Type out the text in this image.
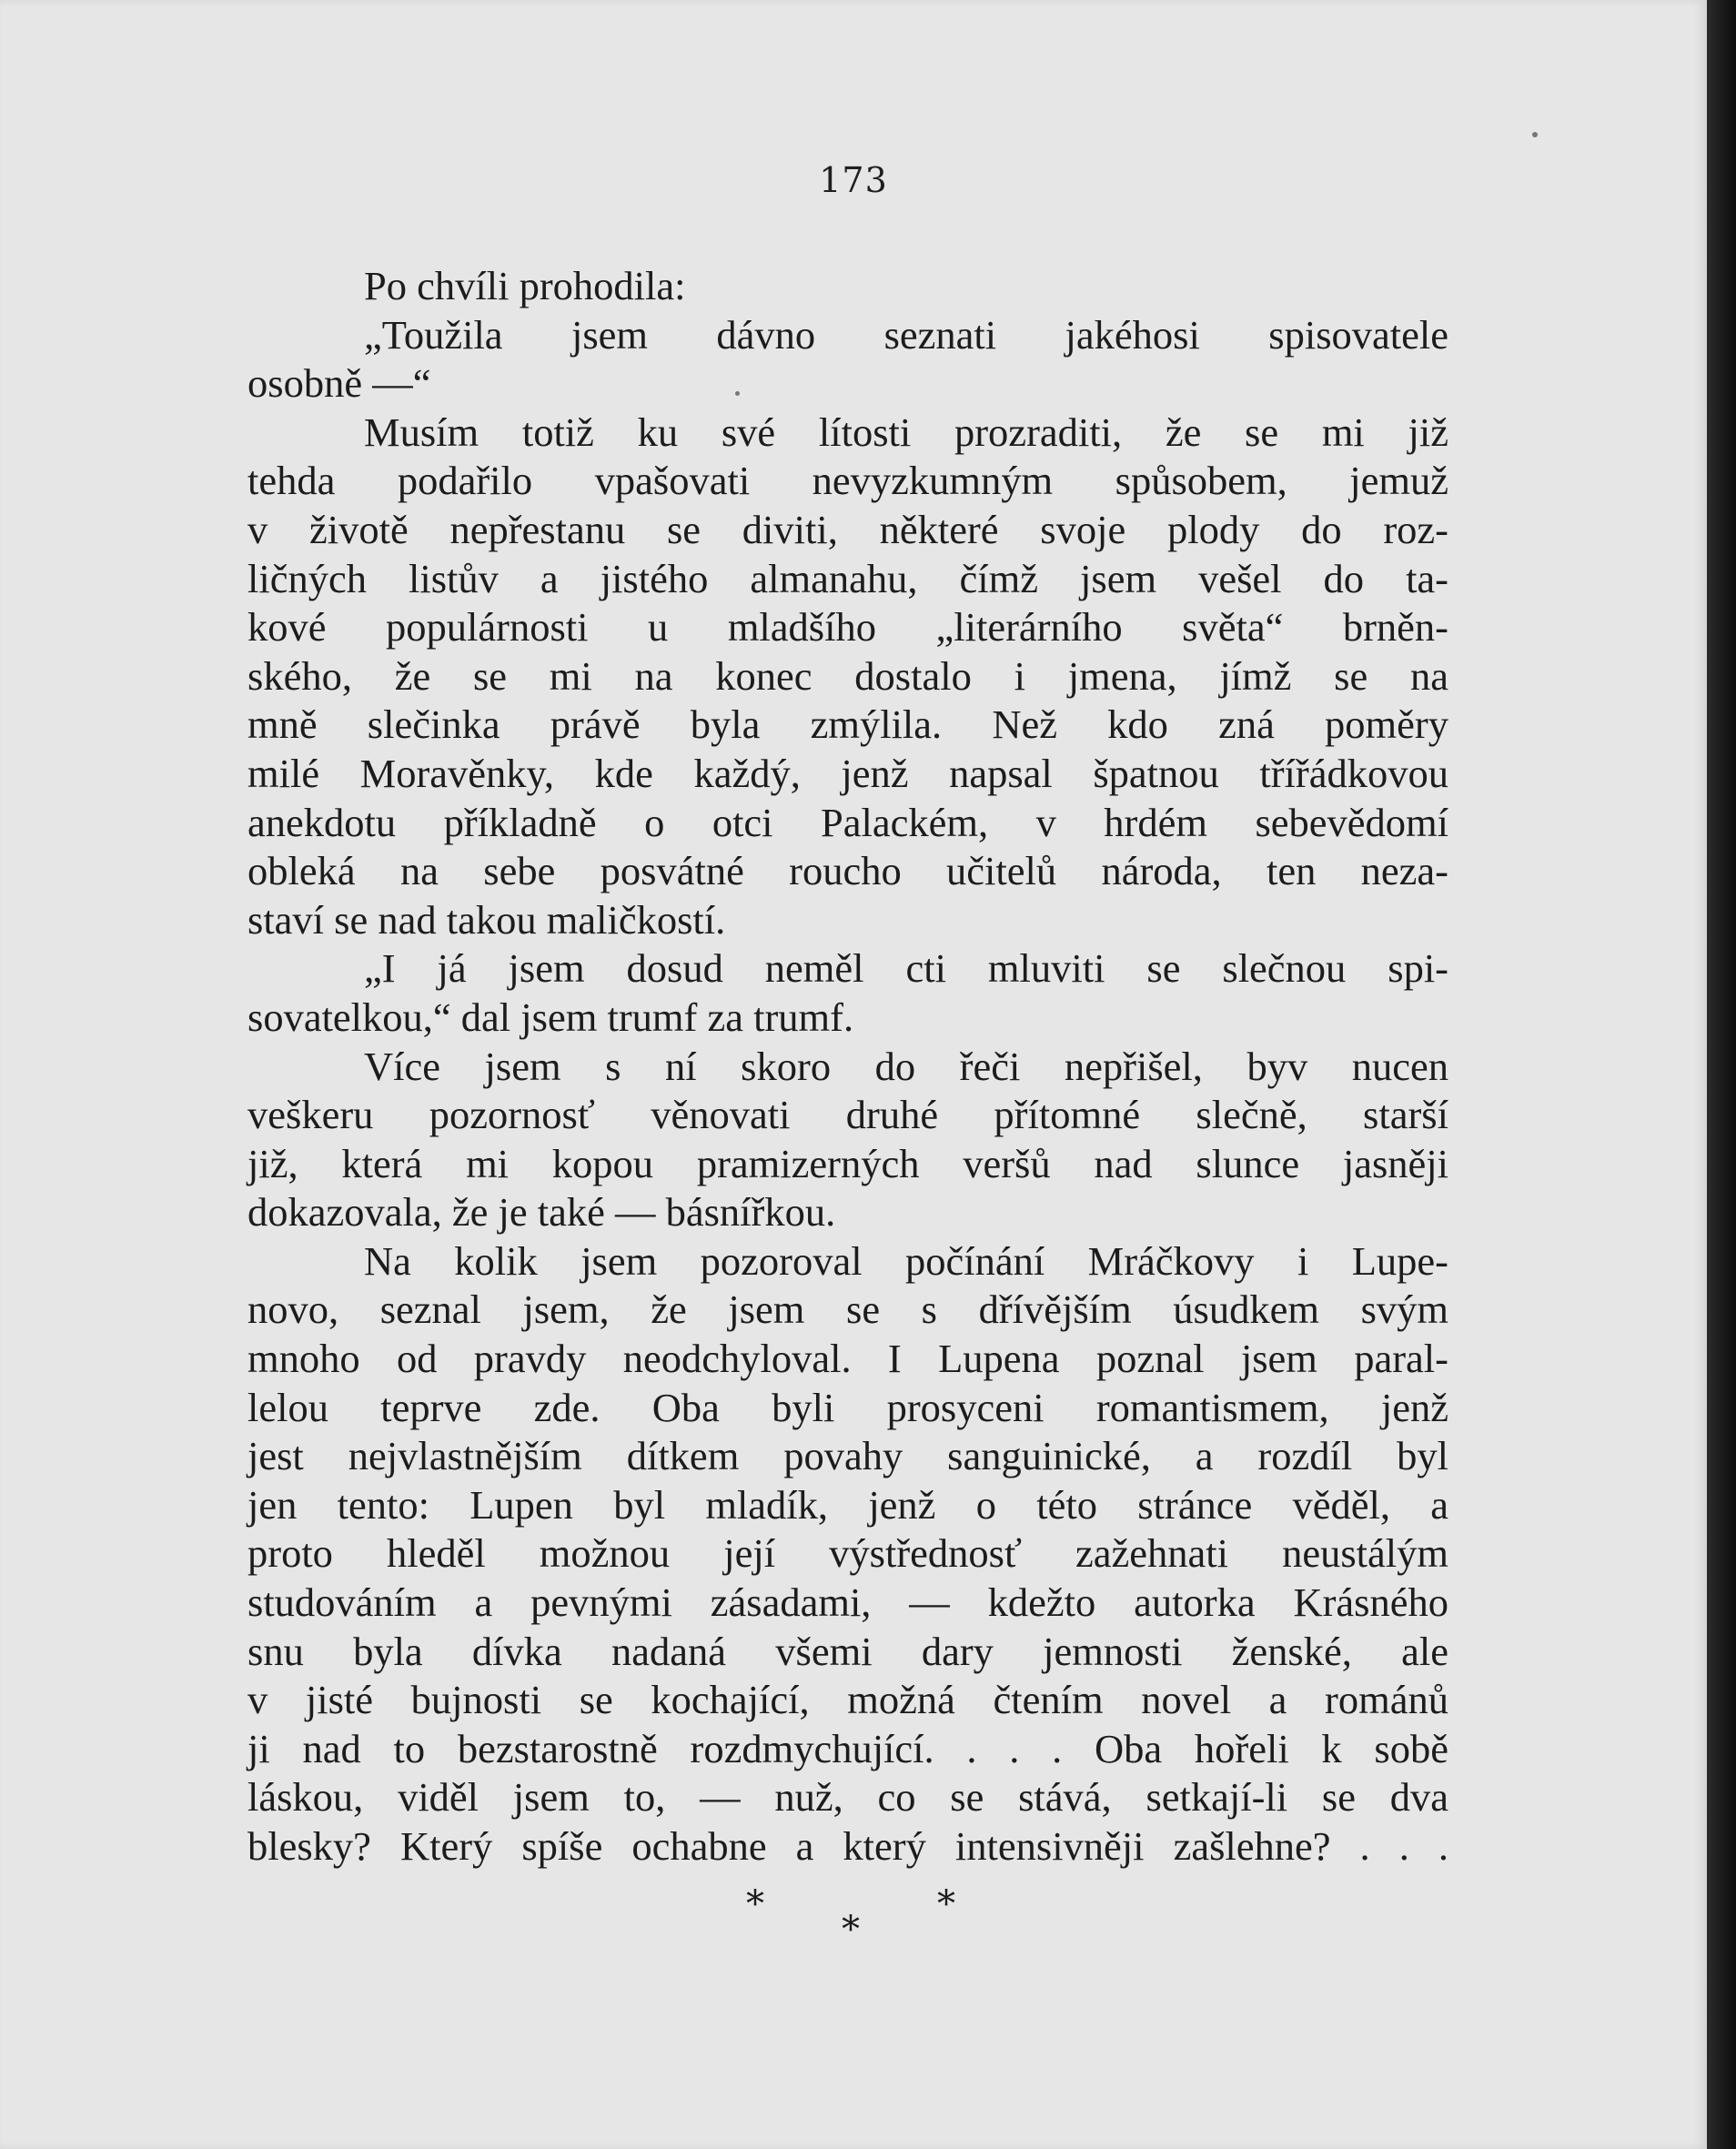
173
Po chvíli prohodila:
„Toužila jsem dávno seznati jakéhosi spisovatele
osobně —“
Musím totiž ku své lítosti prozraditi, že se mi již
tehda podařilo vpašovati nevyzkumným spůsobem, jemuž
v životě nepřestanu se diviti, některé svoje plody do roz-
ličných listův a jistého almanahu, čímž jsem vešel do ta-
kové populárnosti u mladšího „literárního světa“ brněn-
ského, že se mi na konec dostalo i jmena, jímž se na
mně slečinka právě byla zmýlila. Než kdo zná poměry
milé Moravěnky, kde každý, jenž napsal špatnou třířádkovou
anekdotu příkladně o otci Palackém, v hrdém sebevědomí
obleká na sebe posvátné roucho učitelů národa, ten neza-
staví se nad takou maličkostí.
„I já jsem dosud neměl cti mluviti se slečnou spi-
sovatelkou,“ dal jsem trumf za trumf.
Více jsem s ní skoro do řeči nepřišel, byv nucen
veškeru pozornosť věnovati druhé přítomné slečně, starší
již, která mi kopou pramizerných veršů nad slunce jasněji
dokazovala, že je také — básnířkou.
Na kolik jsem pozoroval počínání Mráčkovy i Lupe-
novo, seznal jsem, že jsem se s dřívějším úsudkem svým
mnoho od pravdy neodchyloval. I Lupena poznal jsem paral-
lelou teprve zde. Oba byli prosyceni romantismem, jenž
jest nejvlastnějším dítkem povahy sanguinické, a rozdíl byl
jen tento: Lupen byl mladík, jenž o této stránce věděl, a
proto hleděl možnou její výstřednosť zažehnati neustálým
studováním a pevnými zásadami, — kdežto autorka Krásného
snu byla dívka nadaná všemi dary jemnosti ženské, ale
v jisté bujnosti se kochající, možná čtením novel a románů
ji nad to bezstarostně rozdmychující. . . . Oba hořeli k sobě
láskou, viděl jsem to, — nuž, co se stává, setkají-li se dva
blesky? Který spíše ochabne a který intensivněji zašlehne? . . .
*	*
*
